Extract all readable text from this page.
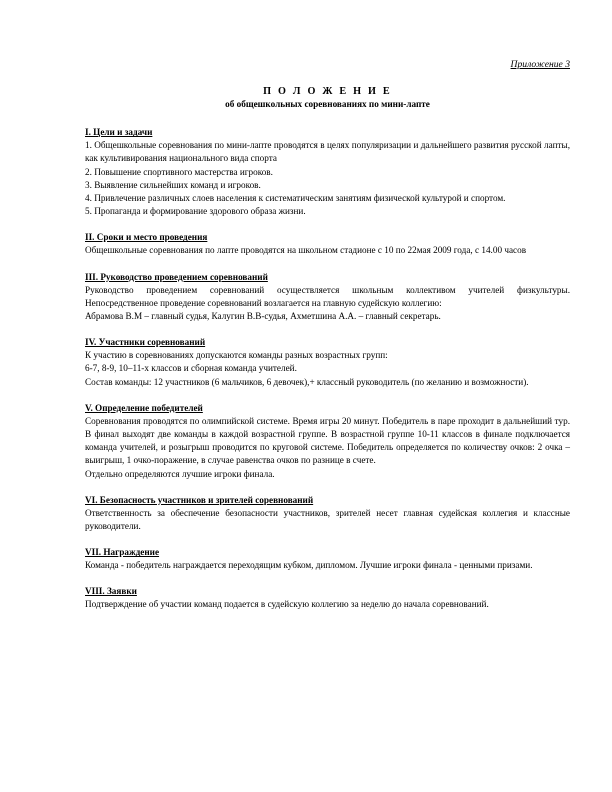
Приложение 3
П О Л О Ж Е Н И Е
об общешкольных соревнованиях по мини-лапте
I. Цели и задачи

1. Общешкольные соревнования по мини-лапте проводятся в целях популяризации и дальнейшего развития русской лапты, как культивирования национального вида спорта

2. Повышение спортивного мастерства игроков.

3. Выявление сильнейших команд и игроков.

4. Привлечение различных слоев населения к систематическим занятиям физической культурой и спортом.

5. Пропаганда и формирование здорового образа жизни.

II. Сроки и место проведения

Общешкольные соревнования по лапте проводятся на школьном стадионе с 10 по 22мая 2009 года, с 14.00 часов

III. Руководство проведением соревнований

Руководство проведением соревнований осуществляется школьным коллективом учителей физкультуры. Непосредственное проведение соревнований возлагается на главную судейскую коллегию:

Абрамова В.М – главный судья, Калугин В.В-судья, Ахметшина А.А. – главный секретарь.

IV. Участники соревнований

К участию в соревнованиях допускаются команды разных возрастных групп:

6-7, 8-9, 10–11-х классов и сборная команда учителей.

Состав команды: 12 участников (6 мальчиков, 6 девочек),+ классный руководитель (по желанию и возможности).

V. Определение победителей

Соревнования проводятся по олимпийской системе. Время игры 20 минут. Победитель в паре проходит в дальнейший тур. В финал выходят две команды в каждой возрастной группе. В возрастной группе 10-11 классов в финале подключается команда учителей, и розыгрыш проводится по круговой системе. Победитель определяется по количеству очков: 2 очка – выигрыш, 1 очко-поражение, в случае равенства очков по разнице в счете.

Отдельно определяются лучшие игроки финала.

VI. Безопасность участников и зрителей соревнований

Ответственность за обеспечение безопасности участников, зрителей несет главная судейская коллегия и классные руководители.

VII. Награждение

Команда - победитель награждается переходящим кубком, дипломом. Лучшие игроки финала - ценными призами.

VIII. Заявки

Подтверждение об участии команд подается в судейскую коллегию за неделю до начала соревнований.
